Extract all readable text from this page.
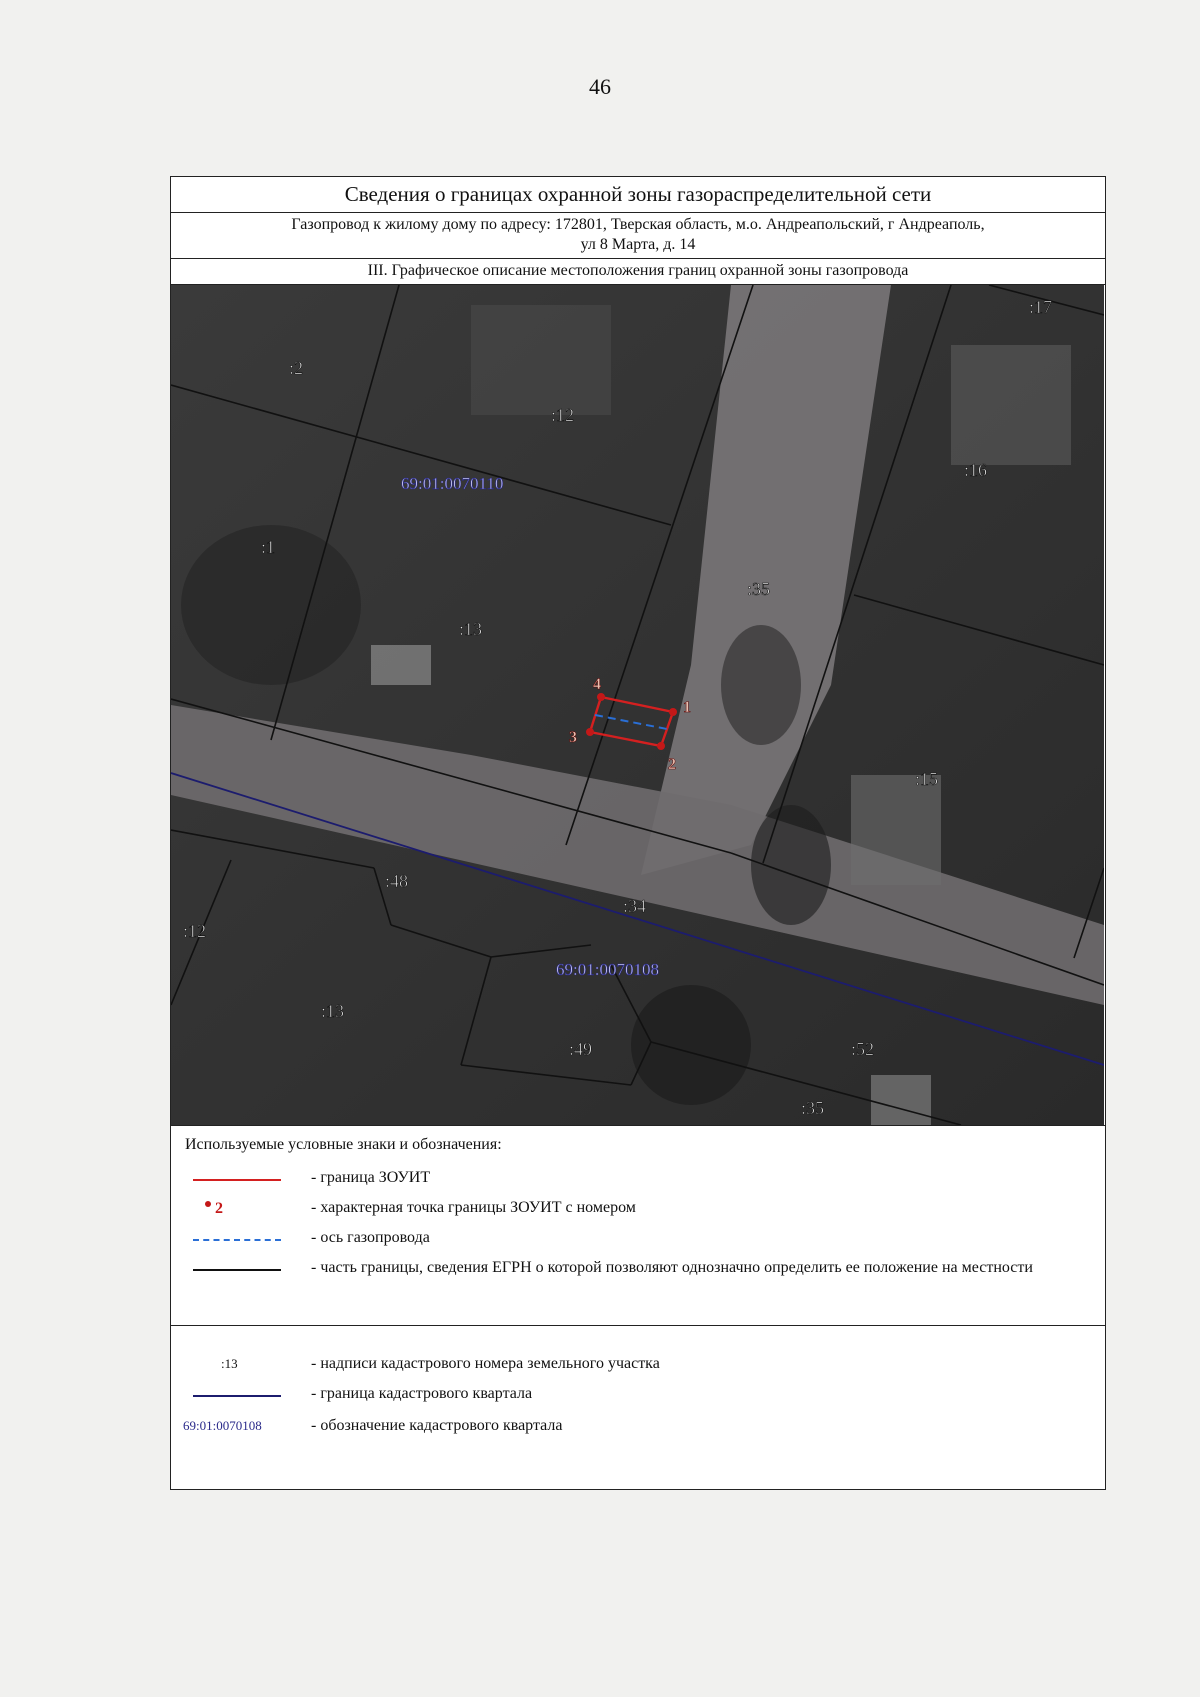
46
Сведения о границах охранной зоны газораспределительной сети
Газопровод к жилому дому по адресу: 172801, Тверская область, м.о. Андреапольский, г Андреаполь,
ул 8 Марта, д. 14
III. Графическое описание местоположения границ охранной зоны газопровода
1
2
3
4
:17
:2
:12
:16
:1
:35
:13
:15
:48
:34
:12
:13
:49	:52
:35
69:01:0070110
69:01:0070108
Используемые условные знаки и обозначения:
- граница ЗОУИТ
2	- характерная точка границы ЗОУИТ с номером
- ось газопровода
- часть границы, сведения ЕГРН о которой позволяют однозначно определить ее положение на местности
:13	- надписи кадастрового номера земельного участка
- граница кадастрового квартала
69:01:0070108	- обозначение кадастрового квартала
